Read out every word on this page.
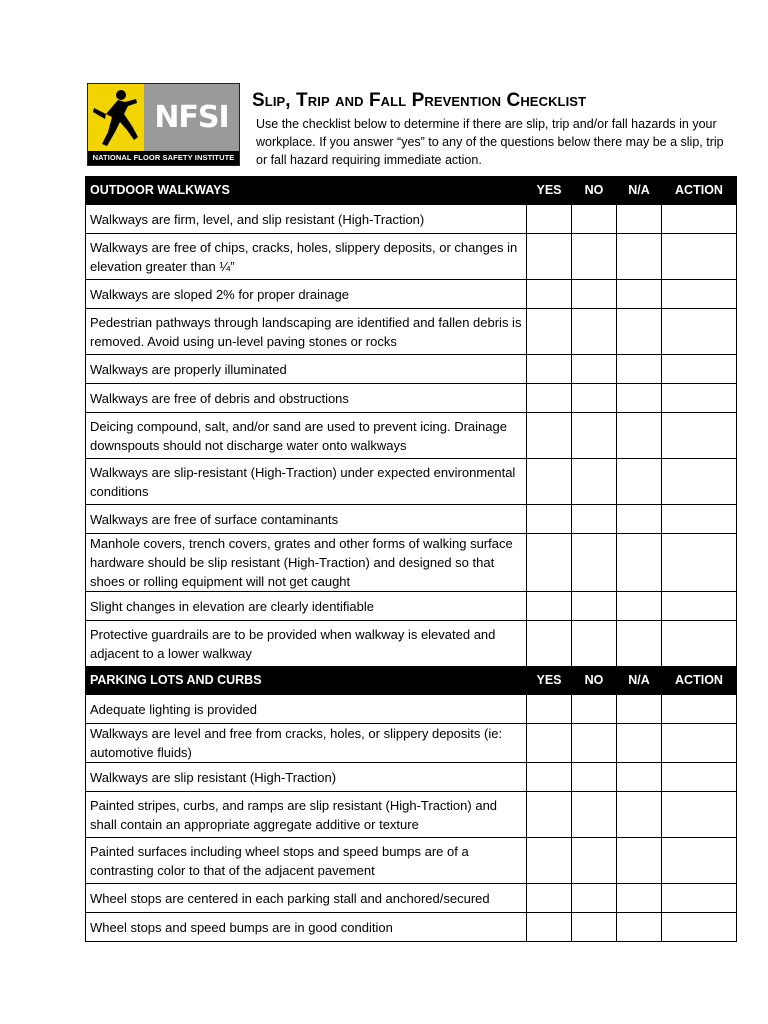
NFSI
NATIONAL FLOOR SAFETY INSTITUTE
Slip, Trip and Fall Prevention Checklist
Use the checklist below to determine if there are slip, trip and/or fall hazards in your workplace. If you answer “yes” to any of the questions below there may be a slip, trip or fall hazard requiring immediate action.
OUTDOOR WALKWAYS	YES	NO	N/A	ACTION
Walkways are firm, level, and slip resistant (High-Traction)				
Walkways are free of chips, cracks, holes, slippery deposits, or changes in elevation greater than ¼”				
Walkways are sloped 2% for proper drainage				
Pedestrian pathways through landscaping are identified and fallen debris is removed. Avoid using un-level paving stones or rocks				
Walkways are properly illuminated				
Walkways are free of debris and obstructions				
Deicing compound, salt, and/or sand are used to prevent icing. Drainage downspouts should not discharge water onto walkways				
Walkways are slip-resistant (High-Traction) under expected environmental conditions				
Walkways are free of surface contaminants				
Manhole covers, trench covers, grates and other forms of walking surface hardware should be slip resistant (High-Traction) and designed so that shoes or rolling equipment will not get caught				
Slight changes in elevation are clearly identifiable				
Protective guardrails are to be provided when walkway is elevated and adjacent to a lower walkway				
PARKING LOTS AND CURBS	YES	NO	N/A	ACTION
Adequate lighting is provided				
Walkways are level and free from cracks, holes, or slippery deposits (ie: automotive fluids)				
Walkways are slip resistant (High-Traction)				
Painted stripes, curbs, and ramps are slip resistant (High-Traction) and shall contain an appropriate aggregate additive or texture				
Painted surfaces including wheel stops and speed bumps are of a contrasting color to that of the adjacent pavement				
Wheel stops are centered in each parking stall and anchored/secured				
Wheel stops and speed bumps are in good condition				
